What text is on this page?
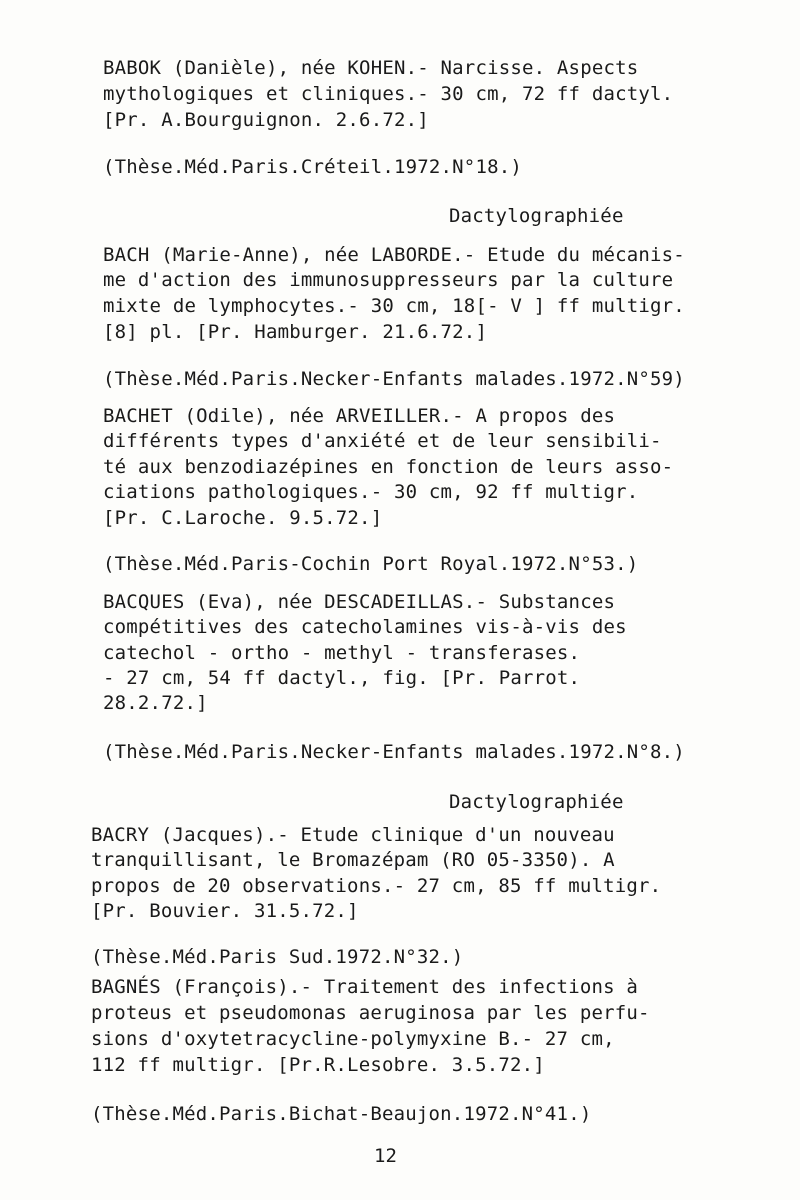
BABOK (Danièle), née KOHEN.- Narcisse. Aspects
mythologiques et cliniques.- 30 cm, 72 ff dactyl.
[Pr. A.Bourguignon. 2.6.72.]
(Thèse.Méd.Paris.Créteil.1972.N°18.)
Dactylographiée
BACH (Marie-Anne), née LABORDE.- Etude du mécanis-
me d'action des immunosuppresseurs par la culture
mixte de lymphocytes.- 30 cm, 18[- V ] ff multigr.
[8] pl. [Pr. Hamburger. 21.6.72.]
(Thèse.Méd.Paris.Necker-Enfants malades.1972.N°59)
BACHET (Odile), née ARVEILLER.- A propos des
différents types d'anxiété et de leur sensibili-
té aux benzodiazépines en fonction de leurs asso-
ciations pathologiques.- 30 cm, 92 ff multigr.
[Pr. C.Laroche. 9.5.72.]
(Thèse.Méd.Paris-Cochin Port Royal.1972.N°53.)
BACQUES (Eva), née DESCADEILLAS.- Substances
compétitives des catecholamines vis-à-vis des
catechol - ortho - methyl - transferases.
- 27 cm, 54 ff dactyl., fig. [Pr. Parrot.
28.2.72.]
(Thèse.Méd.Paris.Necker-Enfants malades.1972.N°8.)
Dactylographiée
BACRY (Jacques).- Etude clinique d'un nouveau
tranquillisant, le Bromazépam (RO 05-3350). A
propos de 20 observations.- 27 cm, 85 ff multigr.
[Pr. Bouvier. 31.5.72.]
(Thèse.Méd.Paris Sud.1972.N°32.)
BAGNÉS (François).- Traitement des infections à
proteus et pseudomonas aeruginosa par les perfu-
sions d'oxytetracycline-polymyxine B.- 27 cm,
112 ff multigr. [Pr.R.Lesobre. 3.5.72.]
(Thèse.Méd.Paris.Bichat-Beaujon.1972.N°41.)
12
